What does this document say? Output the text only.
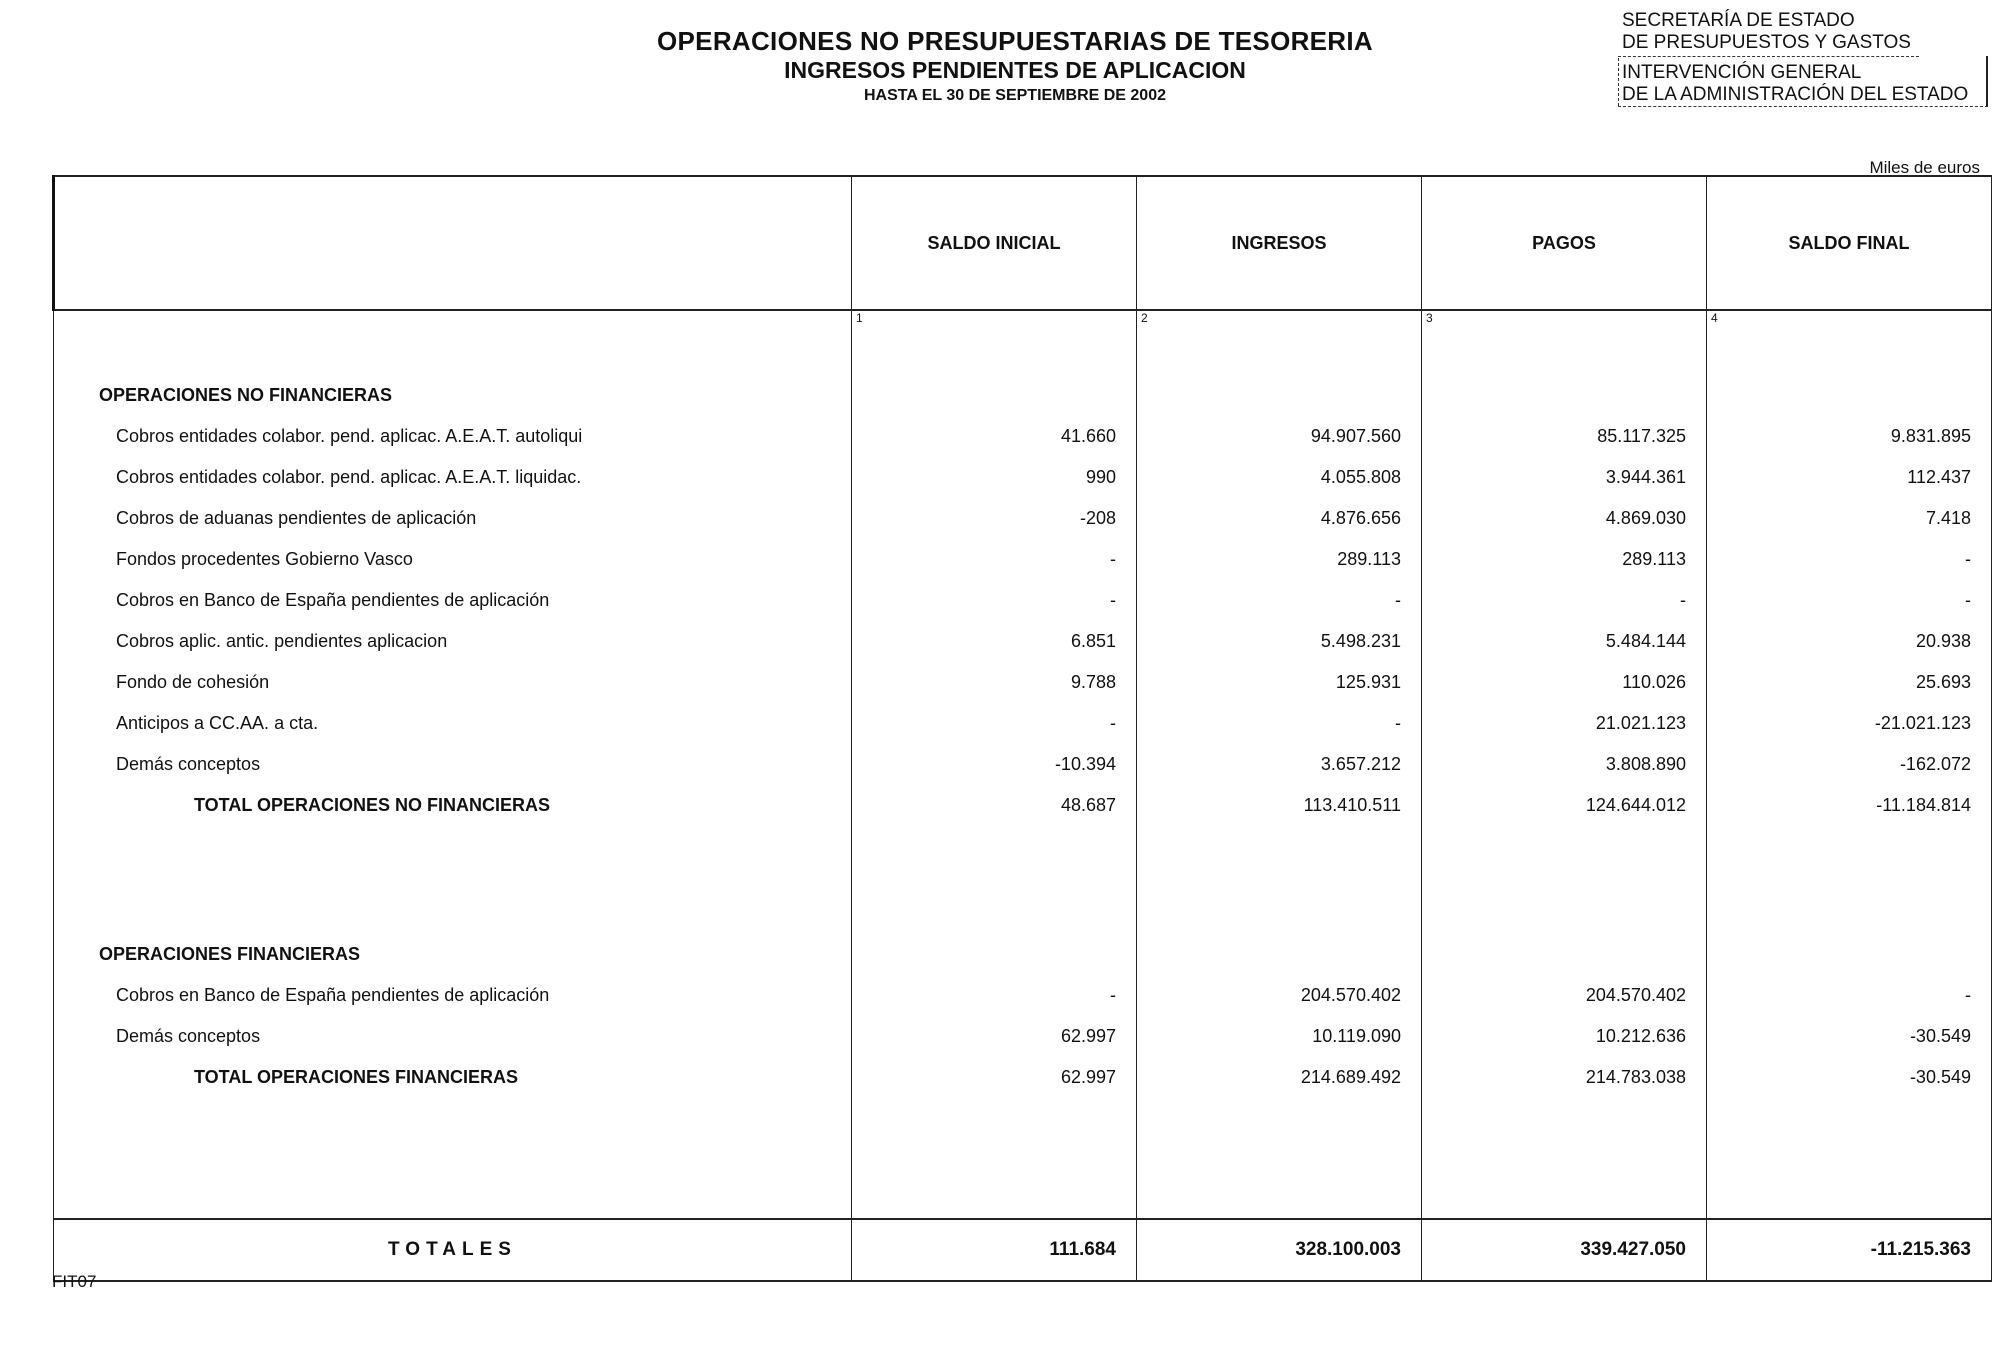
OPERACIONES NO PRESUPUESTARIAS DE TESORERIA
INGRESOS PENDIENTES DE APLICACION
HASTA EL 30 DE SEPTIEMBRE DE 2002
SECRETARÍA DE ESTADO
DE PRESUPUESTOS Y GASTOS
INTERVENCIÓN GENERAL
DE LA ADMINISTRACIÓN DEL ESTADO
Miles de euros
	SALDO INICIAL	INGRESOS	PAGOS	SALDO FINAL
	1	2	3	4

OPERACIONES NO FINANCIERAS				
Cobros entidades colabor. pend. aplicac. A.E.A.T. autoliqui	41.660	94.907.560	85.117.325	9.831.895
Cobros entidades colabor. pend. aplicac. A.E.A.T. liquidac.	990	4.055.808	3.944.361	112.437
Cobros de aduanas pendientes de aplicación	-208	4.876.656	4.869.030	7.418
Fondos procedentes Gobierno Vasco	-	289.113	289.113	-
Cobros en Banco de España pendientes de aplicación	-	-	-	-
Cobros aplic. antic. pendientes aplicacion	6.851	5.498.231	5.484.144	20.938
Fondo de cohesión	9.788	125.931	110.026	25.693
Anticipos a CC.AA. a cta.	-	-	21.021.123	-21.021.123
Demás conceptos	-10.394	3.657.212	3.808.890	-162.072
TOTAL OPERACIONES NO FINANCIERAS	48.687	113.410.511	124.644.012	-11.184.814

OPERACIONES FINANCIERAS				
Cobros en Banco de España pendientes de aplicación	-	204.570.402	204.570.402	-
Demás conceptos	62.997	10.119.090	10.212.636	-30.549
TOTAL OPERACIONES FINANCIERAS	62.997	214.689.492	214.783.038	-30.549

TOTALES	111.684	328.100.003	339.427.050	-11.215.363
FIT07
